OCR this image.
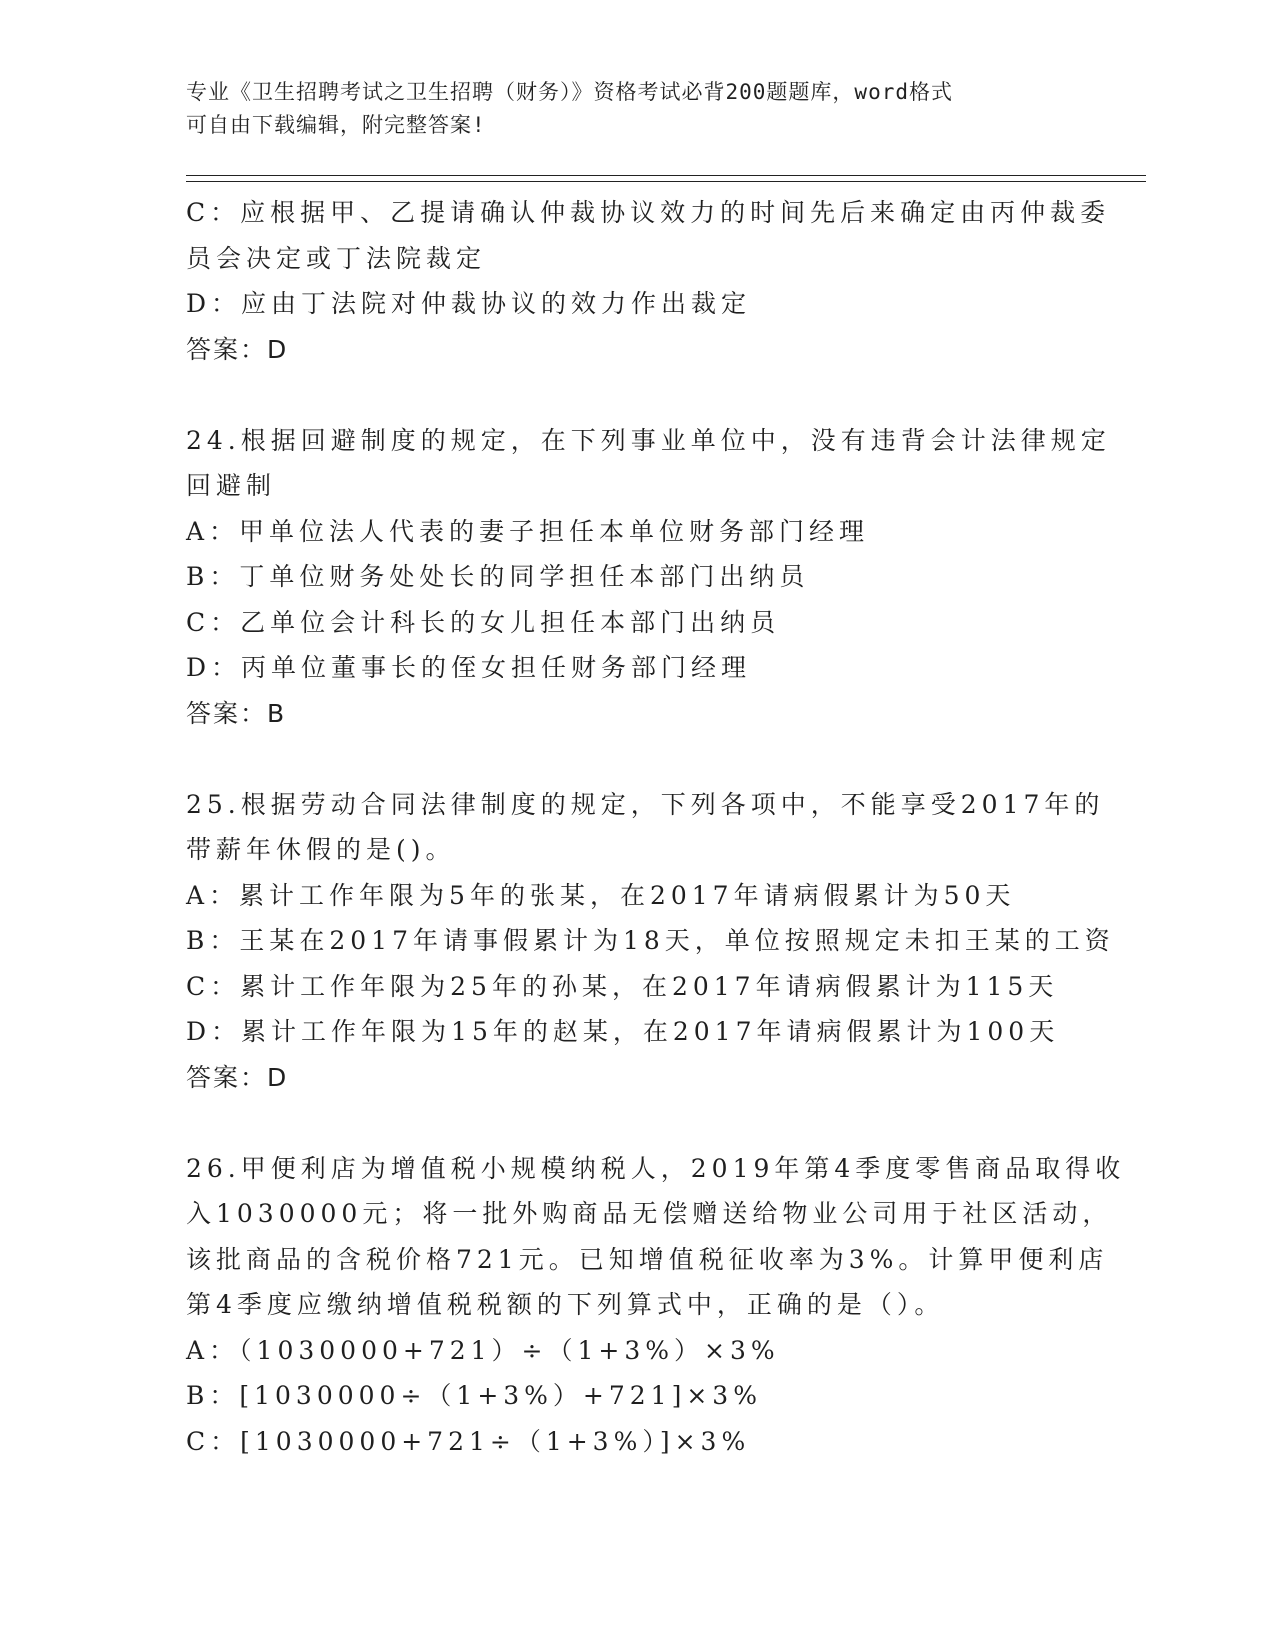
专业《卫生招聘考试之卫生招聘（财务）》资格考试必背200题题库，word格式
可自由下载编辑，附完整答案!
C：应根据甲、乙提请确认仲裁协议效力的时间先后来确定由丙仲裁委
员会决定或丁法院裁定
D：应由丁法院对仲裁协议的效力作出裁定
答案：D
24.根据回避制度的规定，在下列事业单位中，没有违背会计法律规定
回避制
A：甲单位法人代表的妻子担任本单位财务部门经理
B：丁单位财务处处长的同学担任本部门出纳员
C：乙单位会计科长的女儿担任本部门出纳员
D：丙单位董事长的侄女担任财务部门经理
答案：B
25.根据劳动合同法律制度的规定，下列各项中，不能享受2017年的
带薪年休假的是()。
A：累计工作年限为5年的张某，在2017年请病假累计为50天
B：王某在2017年请事假累计为18天，单位按照规定未扣王某的工资
C：累计工作年限为25年的孙某，在2017年请病假累计为115天
D：累计工作年限为15年的赵某，在2017年请病假累计为100天
答案：D
26.甲便利店为增值税小规模纳税人，2019年第4季度零售商品取得收
入1030000元；将一批外购商品无偿赠送给物业公司用于社区活动，
该批商品的含税价格721元。已知增值税征收率为3%。计算甲便利店
第4季度应缴纳增值税税额的下列算式中，正确的是（）。
A：（1030000+721）÷（1+3%）×3%
B：[1030000÷（1+3%）+721]×3%
C：[1030000+721÷（1+3%）]×3%
